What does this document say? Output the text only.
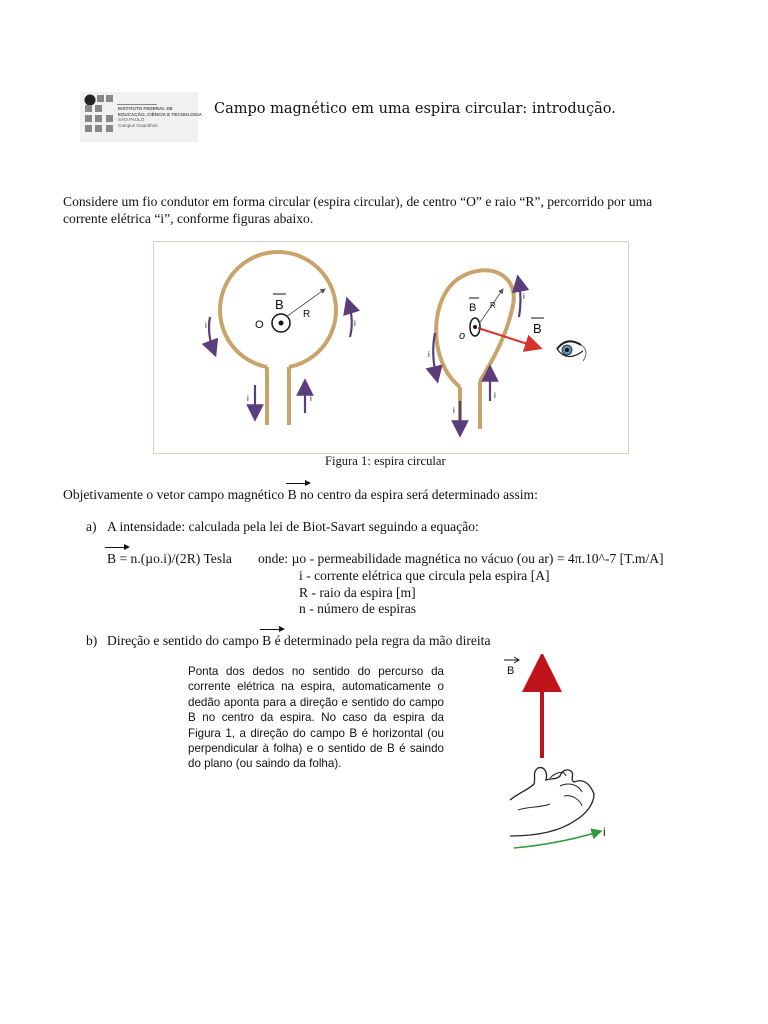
INSTITUTO FEDERAL DE
EDUCAÇÃO, CIÊNCIA E TECNOLOGIA
SÃO PAULO
Campus Guarulhos
Campo magnético em uma espira circular: introdução.
Considere um fio condutor em forma circular (espira circular), de centro “O” e raio “R”, percorrido por uma
corrente elétrica “i”, conforme figuras abaixo.
B
O
R
i	i
i	i
B R
o	B
i
i
i
i
Figura 1: espira circular
Objetivamente o vetor campo magnético B no centro da espira será determinado assim:
a) A intensidade: calculada pela lei de Biot-Savart seguindo a equação:
B = n.(µo.i)/(2R) Tesla onde: µo - permeabilidade magnética no vácuo (ou ar) = 4π.10^-7 [T.m/A]
i - corrente elétrica que circula pela espira [A]
R - raio da espira [m]
n - número de espiras
b) Direção e sentido do campo B é determinado pela regra da mão direita
Ponta dos dedos no sentido do percurso da corrente elétrica na espira, automaticamente o dedão aponta para a direção e sentido do campo B no centro da espira. No caso da espira da Figura 1, a direção do campo B é horizontal (ou perpendicular à folha) e o sentido de B é saindo do plano (ou saindo da folha).
B
i
